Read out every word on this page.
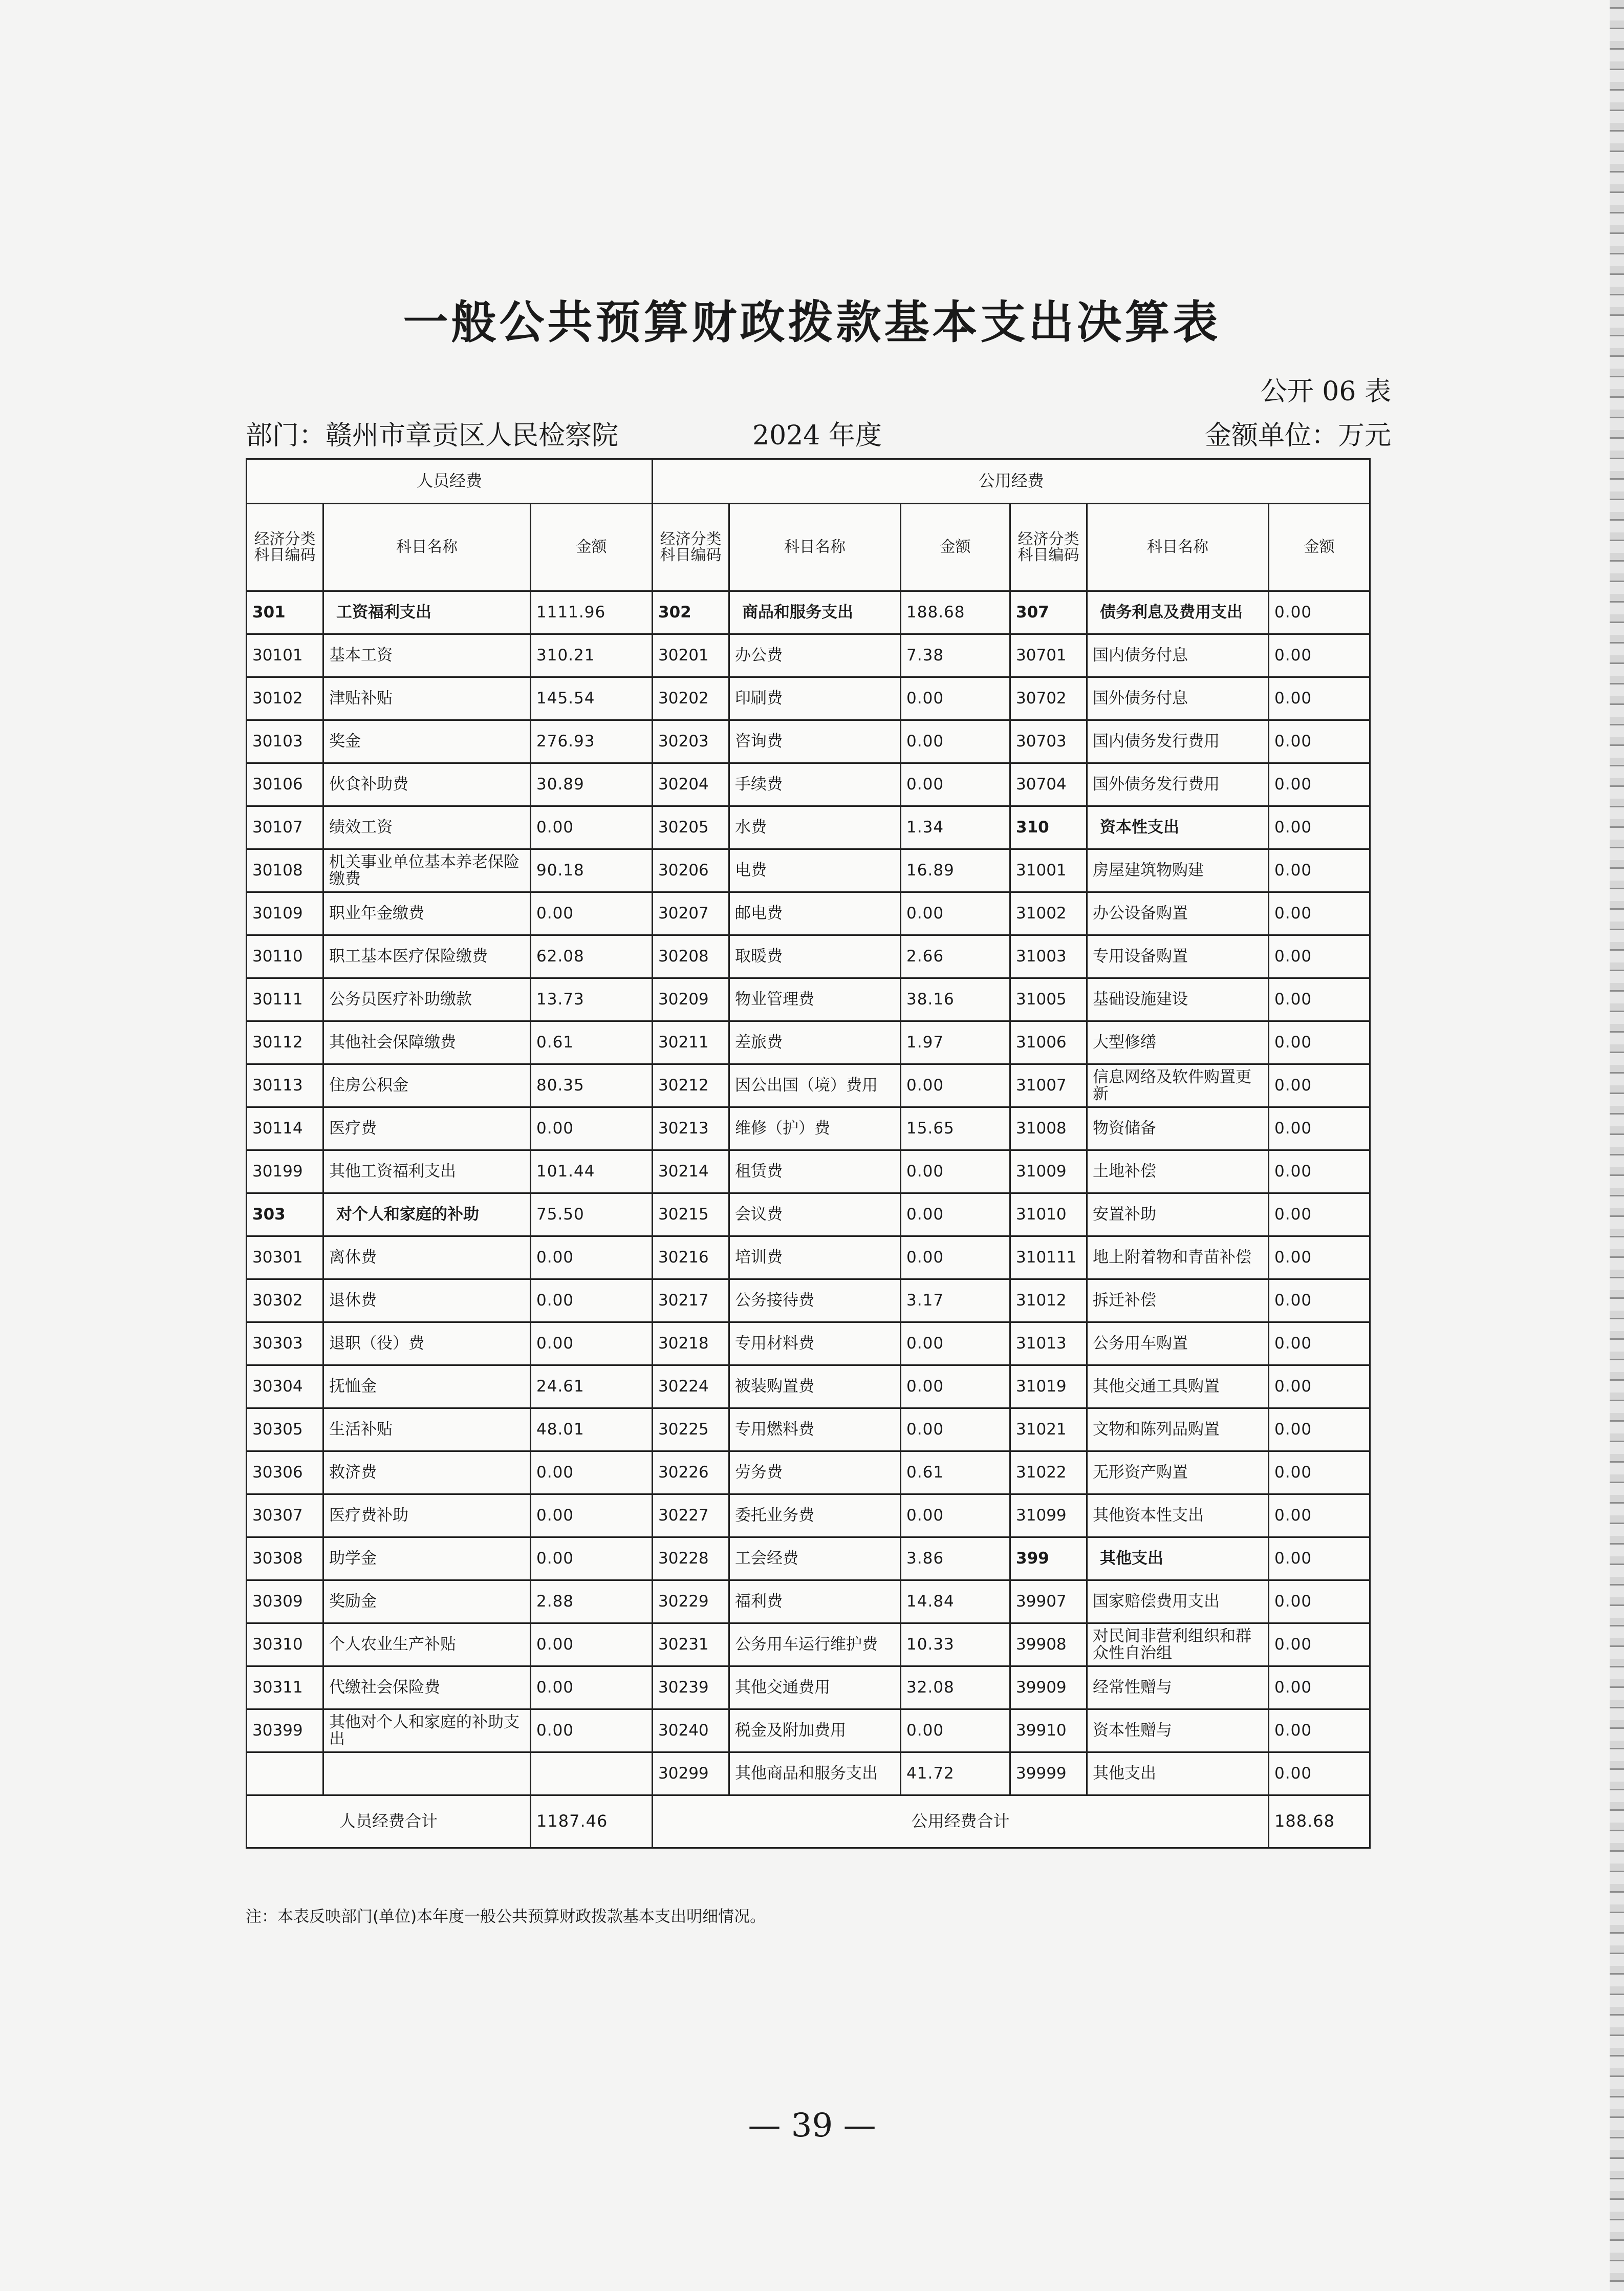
一般公共预算财政拨款基本支出决算表
公开 06 表
部门：赣州市章贡区人民检察院	2024 年度	金额单位：万元
人员经费			公用经费					
经济分类科目编码	科目名称	金额	经济分类科目编码	科目名称	金额	经济分类科目编码	科目名称	金额
301	工资福利支出	1111.96	302	商品和服务支出	188.68	307	债务利息及费用支出	0.00
30101	基本工资	310.21	30201	办公费	7.38	30701	国内债务付息	0.00
30102	津贴补贴	145.54	30202	印刷费	0.00	30702	国外债务付息	0.00
30103	奖金	276.93	30203	咨询费	0.00	30703	国内债务发行费用	0.00
30106	伙食补助费	30.89	30204	手续费	0.00	30704	国外债务发行费用	0.00
30107	绩效工资	0.00	30205	水费	1.34	310	资本性支出	0.00
30108	机关事业单位基本养老保险缴费	90.18	30206	电费	16.89	31001	房屋建筑物购建	0.00
30109	职业年金缴费	0.00	30207	邮电费	0.00	31002	办公设备购置	0.00
30110	职工基本医疗保险缴费	62.08	30208	取暖费	2.66	31003	专用设备购置	0.00
30111	公务员医疗补助缴款	13.73	30209	物业管理费	38.16	31005	基础设施建设	0.00
30112	其他社会保障缴费	0.61	30211	差旅费	1.97	31006	大型修缮	0.00
30113	住房公积金	80.35	30212	因公出国（境）费用	0.00	31007	信息网络及软件购置更新	0.00
30114	医疗费	0.00	30213	维修（护）费	15.65	31008	物资储备	0.00
30199	其他工资福利支出	101.44	30214	租赁费	0.00	31009	土地补偿	0.00
303	对个人和家庭的补助	75.50	30215	会议费	0.00	31010	安置补助	0.00
30301	离休费	0.00	30216	培训费	0.00	310111	地上附着物和青苗补偿	0.00
30302	退休费	0.00	30217	公务接待费	3.17	31012	拆迁补偿	0.00
30303	退职（役）费	0.00	30218	专用材料费	0.00	31013	公务用车购置	0.00
30304	抚恤金	24.61	30224	被装购置费	0.00	31019	其他交通工具购置	0.00
30305	生活补贴	48.01	30225	专用燃料费	0.00	31021	文物和陈列品购置	0.00
30306	救济费	0.00	30226	劳务费	0.61	31022	无形资产购置	0.00
30307	医疗费补助	0.00	30227	委托业务费	0.00	31099	其他资本性支出	0.00
30308	助学金	0.00	30228	工会经费	3.86	399	其他支出	0.00
30309	奖励金	2.88	30229	福利费	14.84	39907	国家赔偿费用支出	0.00
30310	个人农业生产补贴	0.00	30231	公务用车运行维护费	10.33	39908	对民间非营利组织和群众性自治组	0.00
30311	代缴社会保险费	0.00	30239	其他交通费用	32.08	39909	经常性赠与	0.00
30399	其他对个人和家庭的补助支出	0.00	30240	税金及附加费用	0.00	39910	资本性赠与	0.00
			30299	其他商品和服务支出	41.72	39999	其他支出	0.00
人员经费合计		1187.46	公用经费合计					188.68
注：本表反映部门(单位)本年度一般公共预算财政拨款基本支出明细情况。
— 39 —
